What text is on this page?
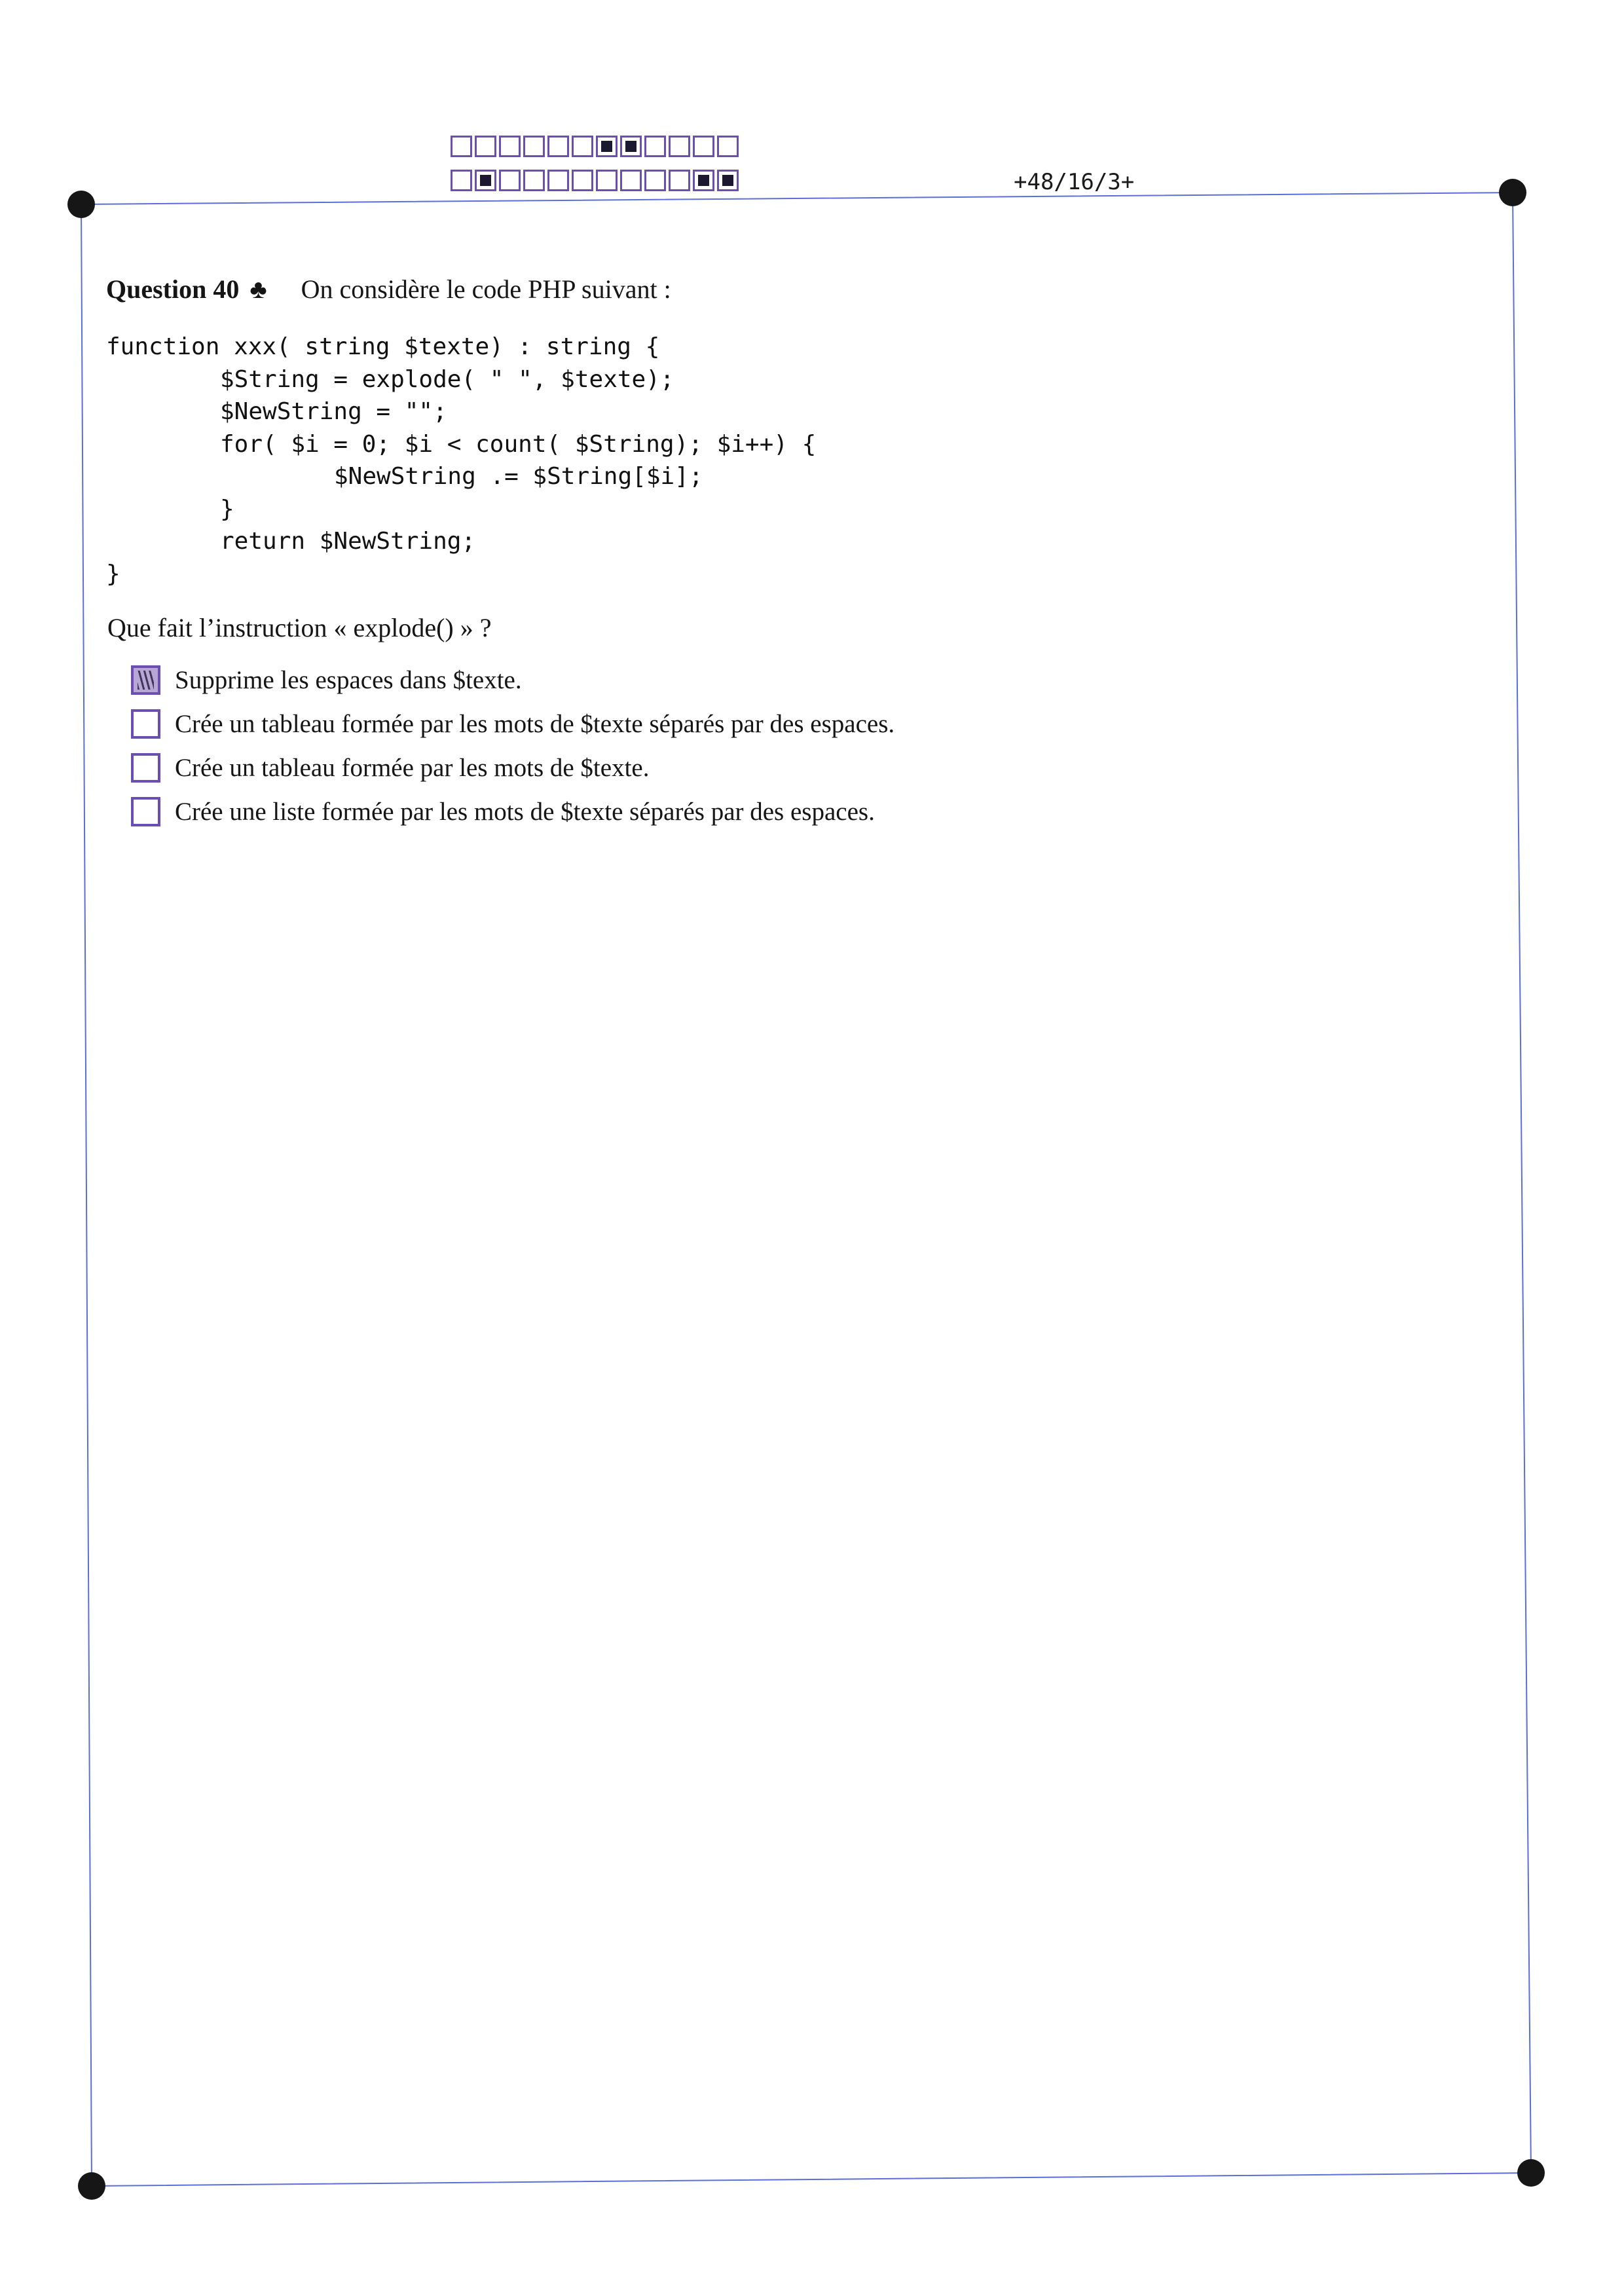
+48/16/3+
Question 40 ♣ On considère le code PHP suivant :
function xxx( string $texte) : string {
$String = explode( " ", $texte);
$NewString = "";
for( $i = 0; $i < count( $String); $i++) {
$NewString .= $String[$i];
}
return $NewString;
}
Que fait l’instruction « explode() » ?
Supprime les espaces dans $texte.
Crée un tableau formée par les mots de $texte séparés par des espaces.
Crée un tableau formée par les mots de $texte.
Crée une liste formée par les mots de $texte séparés par des espaces.
